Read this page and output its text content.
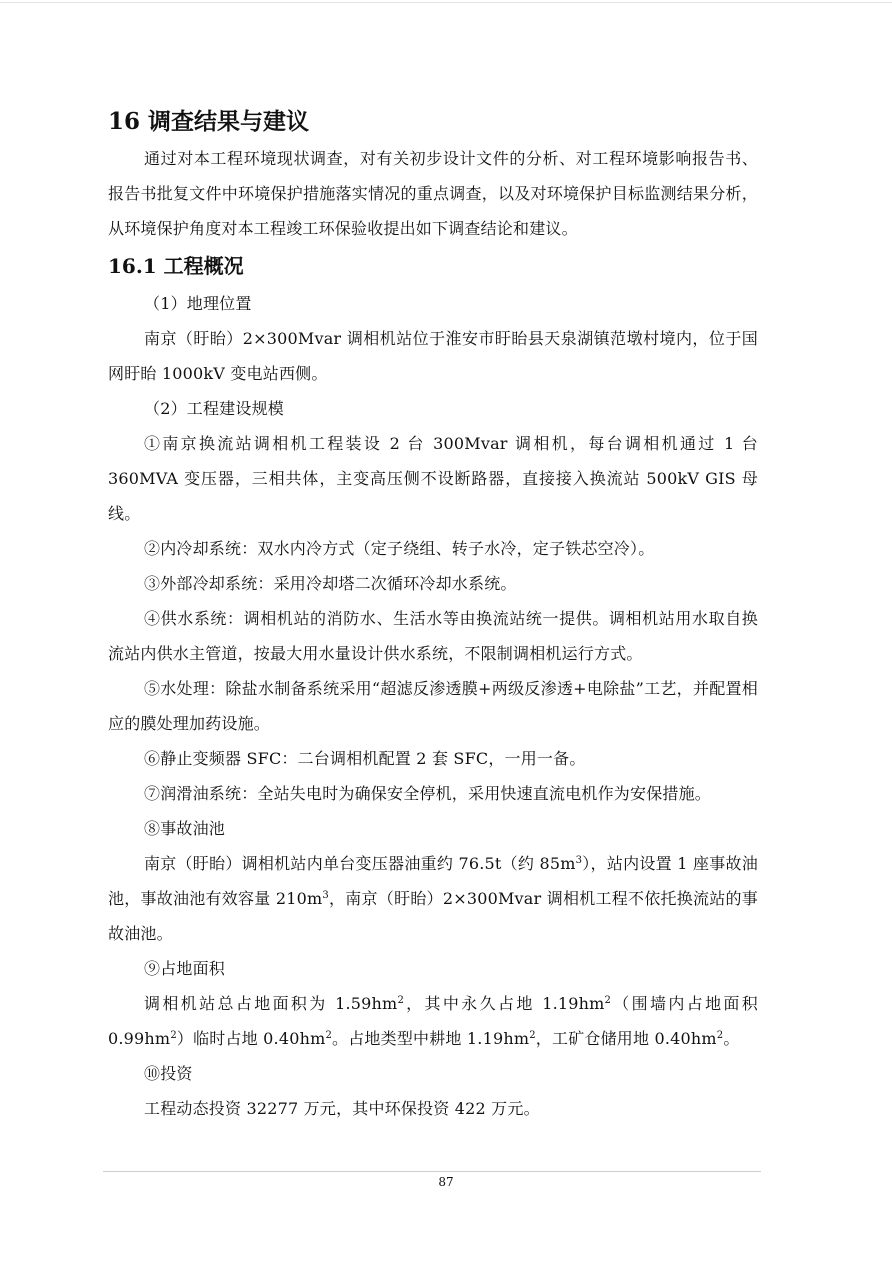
16 调查结果与建议

通过对本工程环境现状调查，对有关初步设计文件的分析、对工程环境影响报告书、报告书批复文件中环境保护措施落实情况的重点调查，以及对环境保护目标监测结果分析，从环境保护角度对本工程竣工环保验收提出如下调查结论和建议。

16.1 工程概况

（1）地理位置

南京（盱眙）2×300Mvar 调相机站位于淮安市盱眙县天泉湖镇范墩村境内，位于国网盱眙 1000kV 变电站西侧。

（2）工程建设规模

①南京换流站调相机工程装设 2 台 300Mvar 调相机，每台调相机通过 1 台 360MVA 变压器，三相共体，主变高压侧不设断路器，直接接入换流站 500kV GIS 母线。

②内冷却系统：双水内冷方式（定子绕组、转子水冷，定子铁芯空冷）。

③外部冷却系统：采用冷却塔二次循环冷却水系统。

④供水系统：调相机站的消防水、生活水等由换流站统一提供。调相机站用水取自换流站内供水主管道，按最大用水量设计供水系统，不限制调相机运行方式。

⑤水处理：除盐水制备系统采用“超滤反渗透膜+两级反渗透+电除盐”工艺，并配置相应的膜处理加药设施。

⑥静止变频器 SFC：二台调相机配置 2 套 SFC，一用一备。

⑦润滑油系统：全站失电时为确保安全停机，采用快速直流电机作为安保措施。

⑧事故油池

南京（盱眙）调相机站内单台变压器油重约 76.5t（约 $85m^3$），站内设置 1 座事故油池，事故油池有效容量 $210m^3$，南京（盱眙）2×300Mvar 调相机工程不依托换流站的事故油池。

⑨占地面积

调相机站总占地面积为 $1.59hm^2$，其中永久占地 $1.19hm^2$（围墙内占地面积 $0.99hm^2$）临时占地 $0.40hm^2$。占地类型中耕地 $1.19hm^2$，工矿仓储用地 $0.40hm^2$。

⑩投资

工程动态投资 32277 万元，其中环保投资 422 万元。

87
